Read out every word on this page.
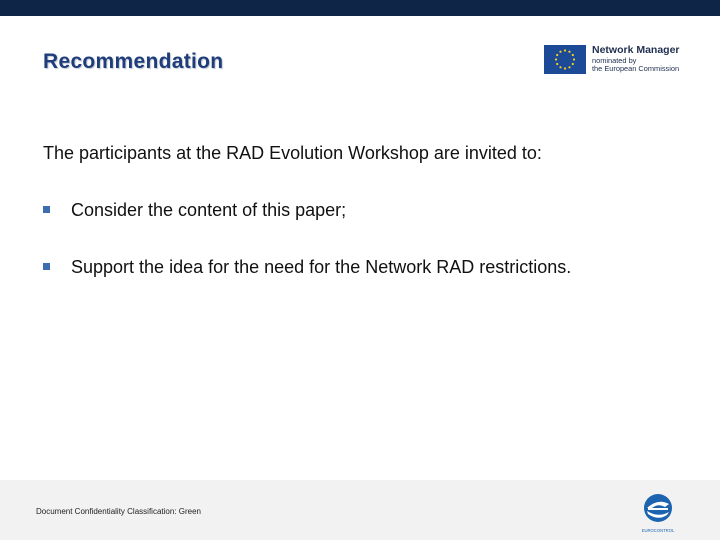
Recommendation	Network Manager
nominated by
the European Commission
The participants at the RAD Evolution Workshop are invited to:
Consider the content of this paper;
Support the idea for the need for the Network RAD restrictions.
Document Confidentiality Classification: Green
EUROCONTROL
